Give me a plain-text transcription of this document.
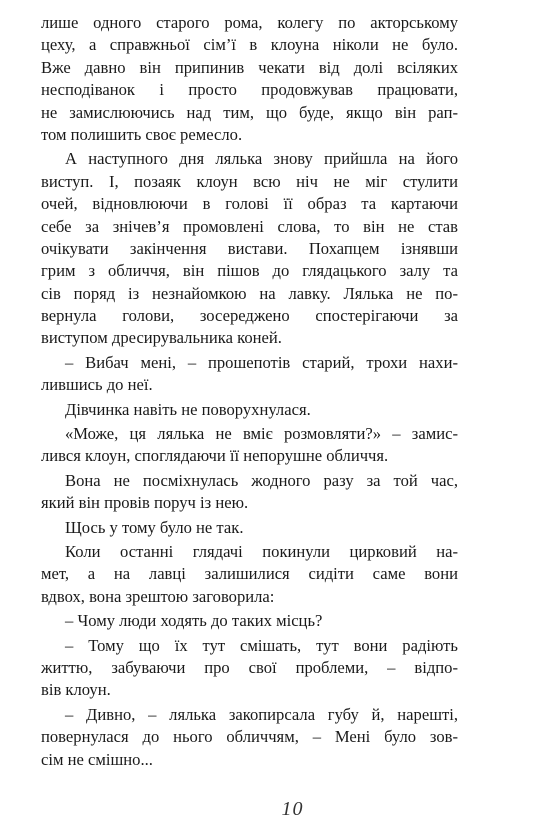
лише одного старого рома, колегу по акторському
цеху, а справжньої сім’ї в клоуна ніколи не було.
Вже давно він припинив чекати від долі всіляких
несподіванок і просто продовжував працювати,
не замислюючись над тим, що буде, якщо він рап-
том полишить своє ремесло.
А наступного дня лялька знову прийшла на його
виступ. І, позаяк клоун всю ніч не міг стулити
очей, відновлюючи в голові її образ та картаючи
себе за знічев’я промовлені слова, то він не став
очікувати закінчення вистави. Похапцем ізнявши
грим з обличчя, він пішов до глядацького залу та
сів поряд із незнайомкою на лавку. Лялька не по-
вернула голови, зосереджено спостерігаючи за
виступом дресирувальника коней.
– Вибач мені, – прошепотів старий, трохи нахи-
лившись до неї.
Дівчинка навіть не поворухнулася.
«Може, ця лялька не вміє розмовляти?» – замис-
лився клоун, споглядаючи її непорушне обличчя.
Вона не посміхнулась жодного разу за той час,
який він провів поруч із нею.
Щось у тому було не так.
Коли останні глядачі покинули цирковий на-
мет, а на лавці залишилися сидіти саме вони
вдвох, вона зрештою заговорила:
– Чому люди ходять до таких місць?
– Тому що їх тут смішать, тут вони радіють
життю, забуваючи про свої проблеми, – відпо-
вів клоун.
– Дивно, – лялька закопирсала губу й, нарешті,
повернулася до нього обличчям, – Мені було зов-
сім не смішно...
10
